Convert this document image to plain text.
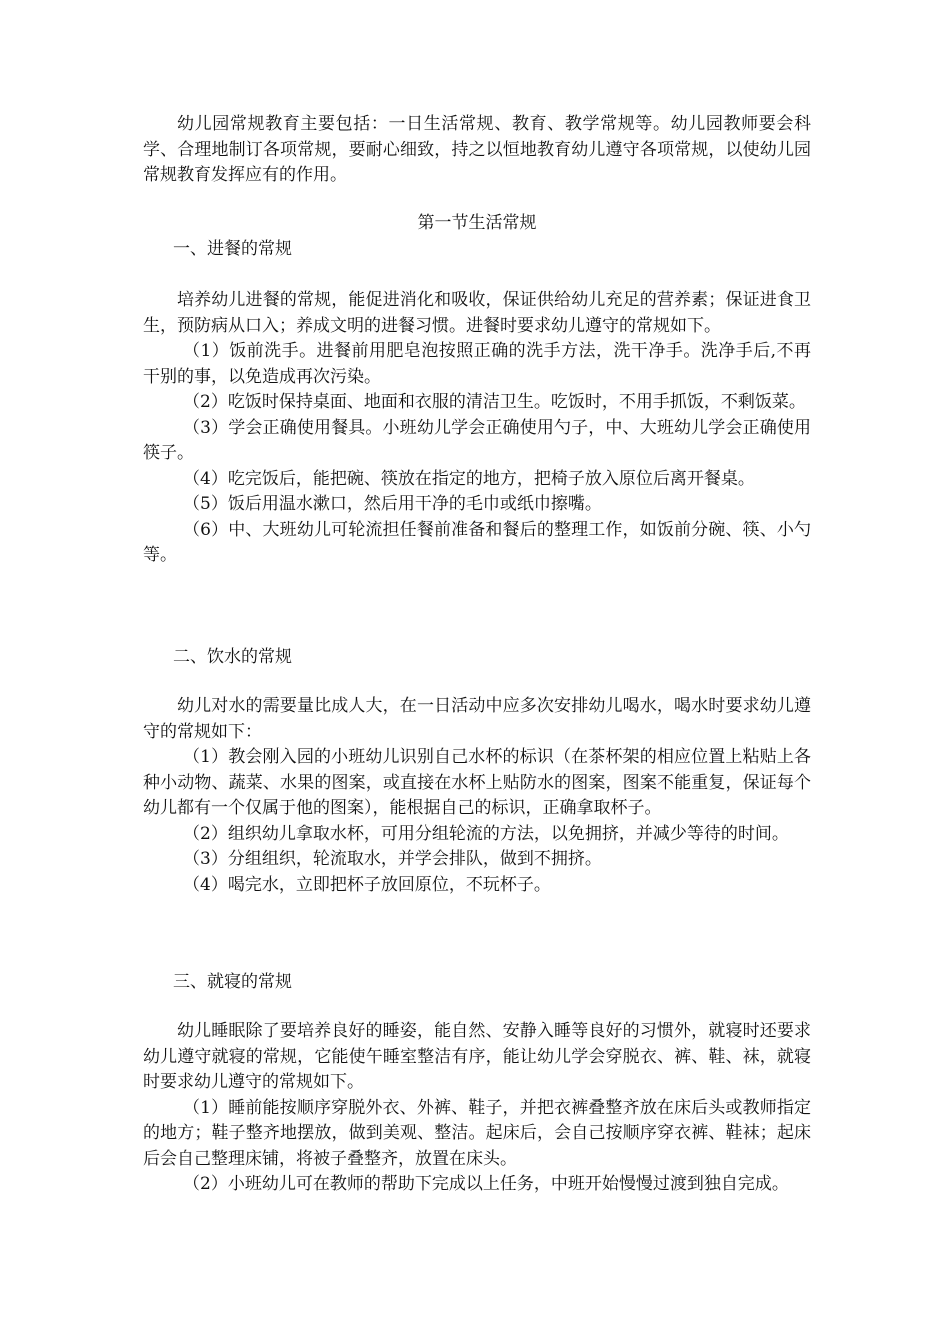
幼儿园常规教育主要包括：一日生活常规、教育、教学常规等。幼儿园教师要会科学、合理地制订各项常规，要耐心细致，持之以恒地教育幼儿遵守各项常规，以使幼儿园常规教育发挥应有的作用。

第一节生活常规

一、进餐的常规

培养幼儿进餐的常规，能促进消化和吸收，保证供给幼儿充足的营养素；保证进食卫生，预防病从口入；养成文明的进餐习惯。进餐时要求幼儿遵守的常规如下。

（1）饭前洗手。进餐前用肥皂泡按照正确的洗手方法，洗干净手。洗净手后,不再干别的事，以免造成再次污染。

（2）吃饭时保持桌面、地面和衣服的清洁卫生。吃饭时，不用手抓饭，不剩饭菜。

（3）学会正确使用餐具。小班幼儿学会正确使用勺子，中、大班幼儿学会正确使用筷子。

（4）吃完饭后，能把碗、筷放在指定的地方，把椅子放入原位后离开餐桌。

（5）饭后用温水漱口，然后用干净的毛巾或纸巾擦嘴。

（6）中、大班幼儿可轮流担任餐前准备和餐后的整理工作，如饭前分碗、筷、小勺等。

二、饮水的常规

幼儿对水的需要量比成人大，在一日活动中应多次安排幼儿喝水，喝水时要求幼儿遵守的常规如下：

（1）教会刚入园的小班幼儿识别自己水杯的标识（在茶杯架的相应位置上粘贴上各种小动物、蔬菜、水果的图案，或直接在水杯上贴防水的图案，图案不能重复，保证每个幼儿都有一个仅属于他的图案），能根据自己的标识，正确拿取杯子。

（2）组织幼儿拿取水杯，可用分组轮流的方法，以免拥挤，并减少等待的时间。

（3）分组组织，轮流取水，并学会排队，做到不拥挤。

（4）喝完水，立即把杯子放回原位，不玩杯子。

三、就寝的常规

幼儿睡眠除了要培养良好的睡姿，能自然、安静入睡等良好的习惯外，就寝时还要求幼儿遵守就寝的常规，它能使午睡室整洁有序，能让幼儿学会穿脱衣、裤、鞋、袜，就寝时要求幼儿遵守的常规如下。

（1）睡前能按顺序穿脱外衣、外裤、鞋子，并把衣裤叠整齐放在床后头或教师指定的地方；鞋子整齐地摆放，做到美观、整洁。起床后，会自己按顺序穿衣裤、鞋袜；起床后会自己整理床铺，将被子叠整齐，放置在床头。

（2）小班幼儿可在教师的帮助下完成以上任务，中班开始慢慢过渡到独自完成。
